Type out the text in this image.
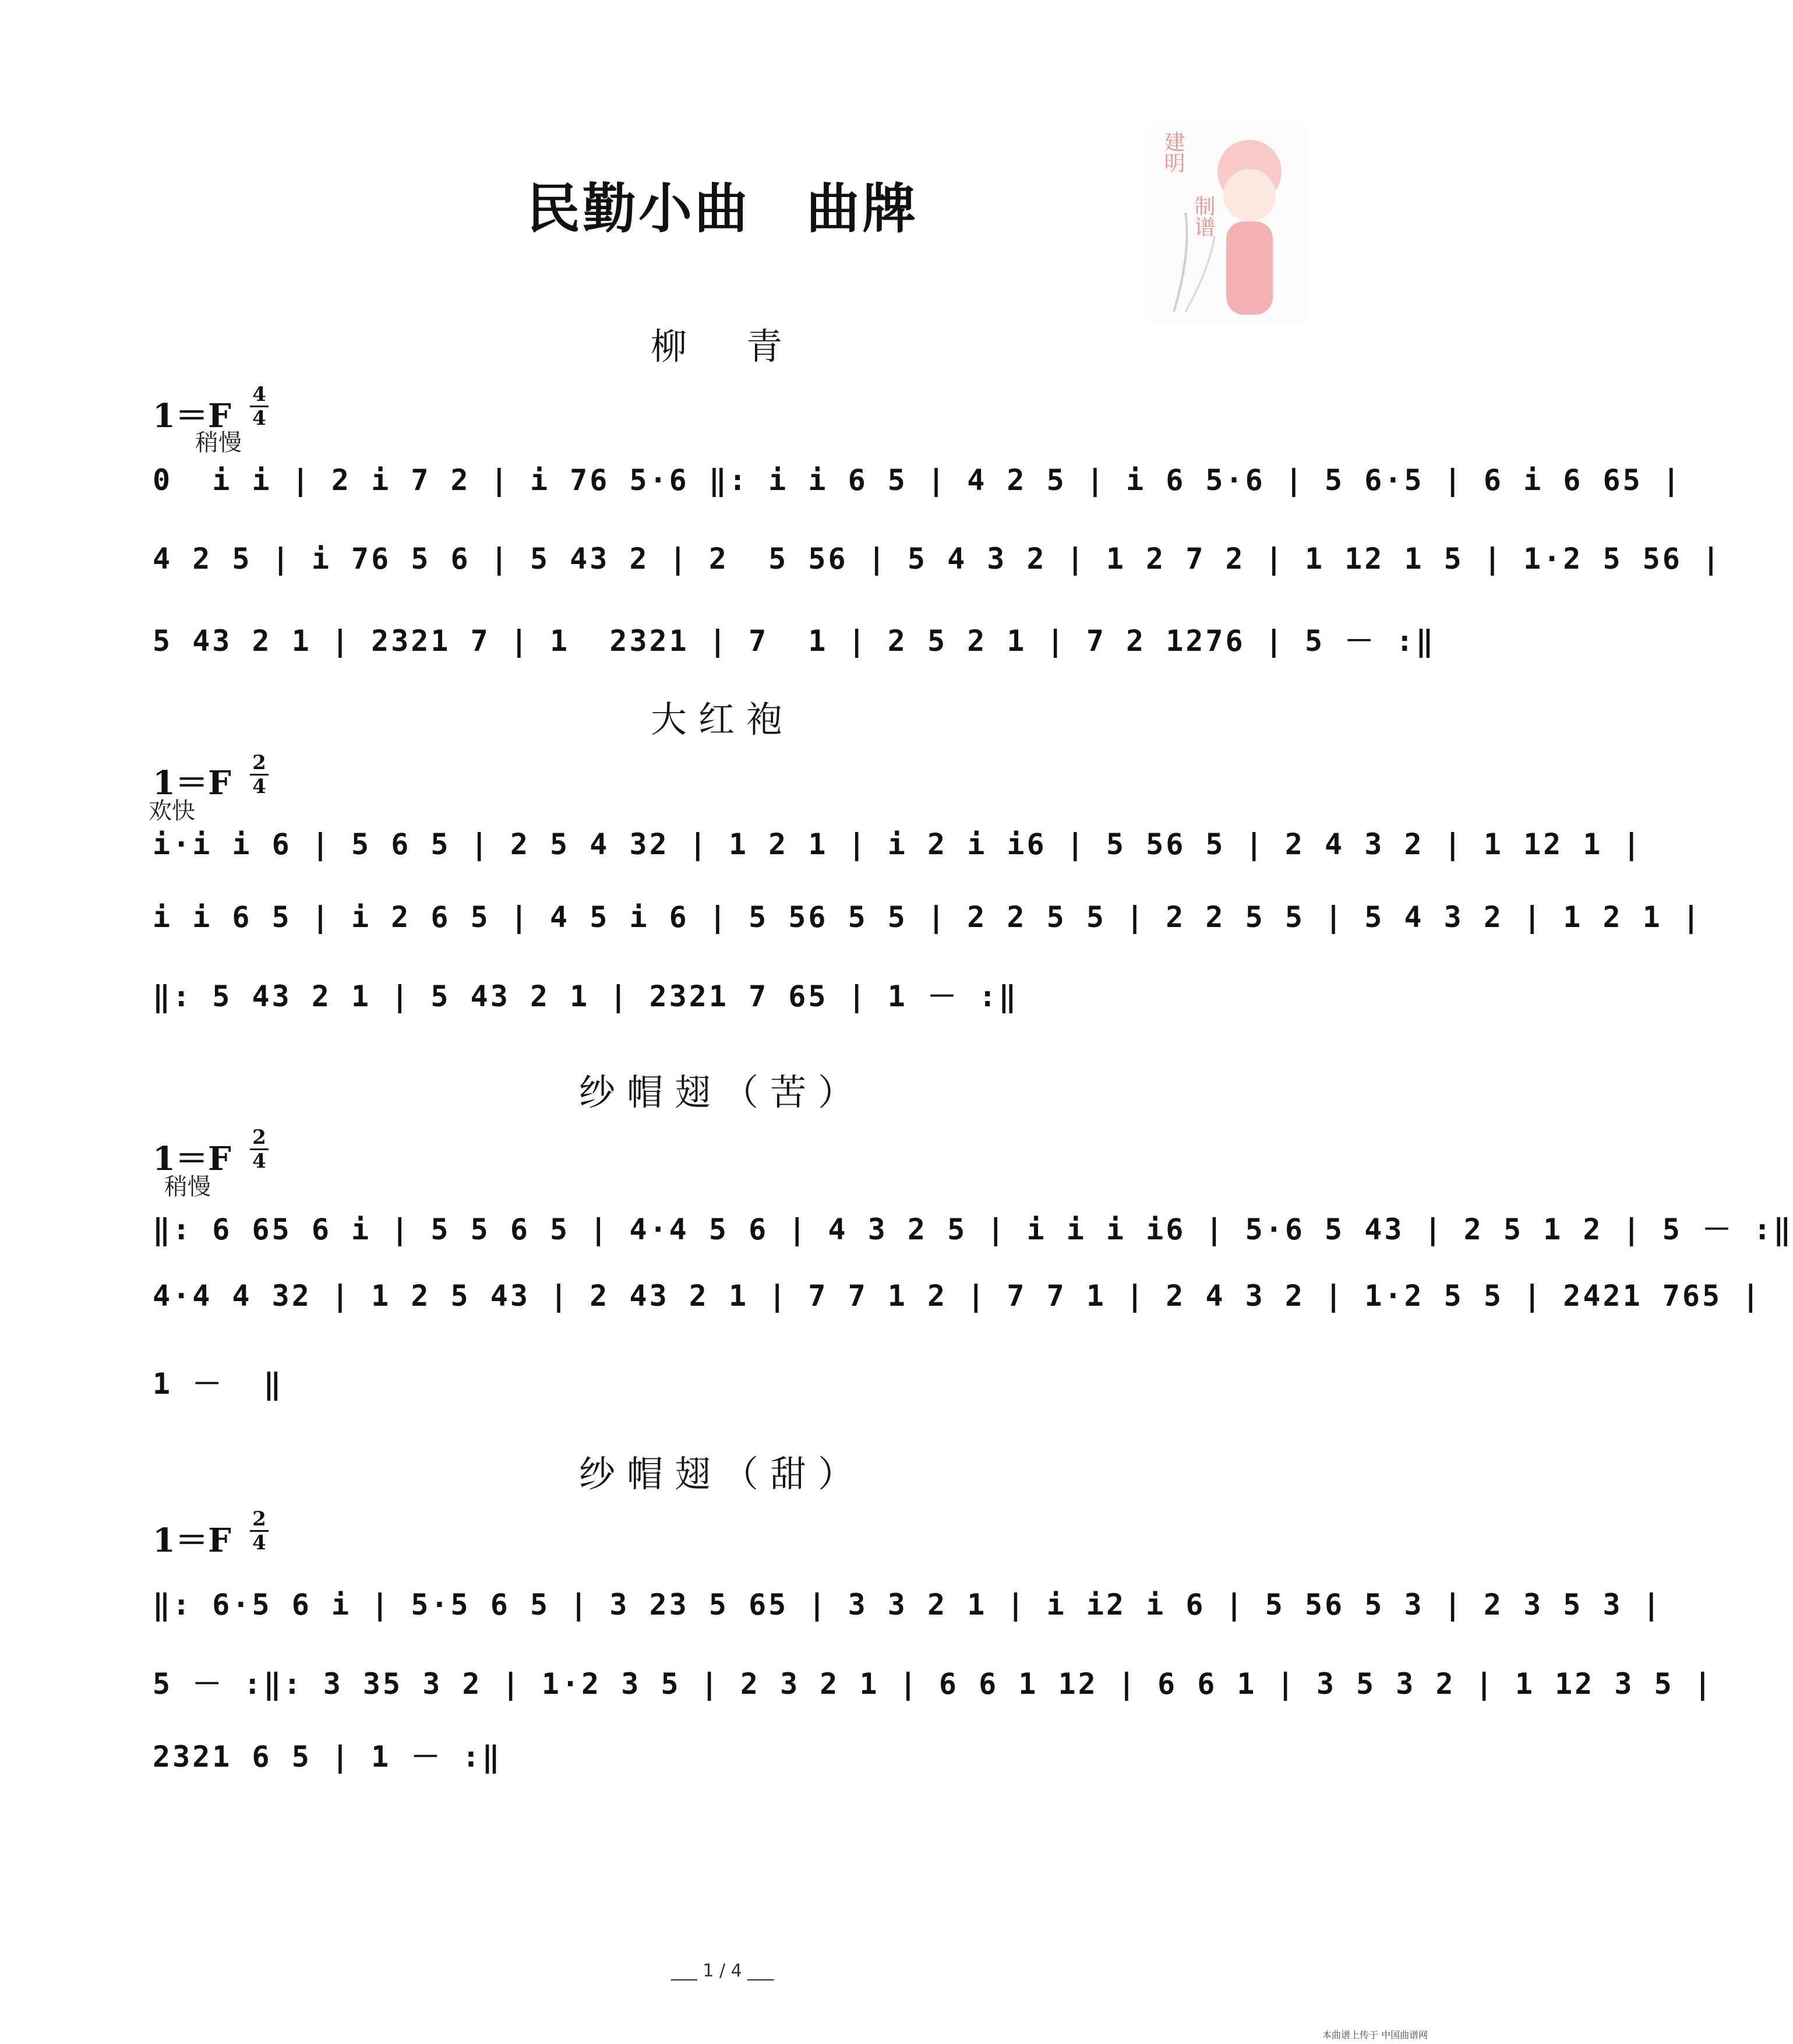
民勤小曲　曲牌
建明
制谱
柳　青
1＝F
4
4
稍慢
0  i i | 2 i 7 2 | i 76 5·6 ‖: i i 6 5 | 4 2 5 | i 6 5·6 | 5 6·5 | 6 i 6 65 |
4 2 5 | i 76 5 6 | 5 43 2 | 2  5 56 | 5 4 3 2 | 1 2 7 2 | 1 12 1 5 | 1·2 5 56 |
5 43 2 1 | 2321 7 | 1  2321 | 7  1 | 2 5 2 1 | 7 2 1276 | 5 － :‖
大红袍
1＝F
2
4
欢快
i·i i 6 | 5 6 5 | 2 5 4 32 | 1 2 1 | i 2 i i6 | 5 56 5 | 2 4 3 2 | 1 12 1 |
i i 6 5 | i 2 6 5 | 4 5 i 6 | 5 56 5 5 | 2 2 5 5 | 2 2 5 5 | 5 4 3 2 | 1 2 1 |
‖: 5 43 2 1 | 5 43 2 1 | 2321 7 65 | 1 － :‖
纱帽翅（苦）
1＝F
2
4
稍慢
‖: 6 65 6 i | 5 5 6 5 | 4·4 5 6 | 4 3 2 5 | i i i i6 | 5·6 5 43 | 2 5 1 2 | 5 － :‖
4·4 4 32 | 1 2 5 43 | 2 43 2 1 | 7 7 1 2 | 7 7 1 | 2 4 3 2 | 1·2 5 5 | 2421 765 |
1 －  ‖
纱帽翅（甜）
1＝F
2
4
‖: 6·5 6 i | 5·5 6 5 | 3 23 5 65 | 3 3 2 1 | i i2 i 6 | 5 56 5 3 | 2 3 5 3 |
5 － :‖: 3 35 3 2 | 1·2 3 5 | 2 3 2 1 | 6 6 1 12 | 6 6 1 | 3 5 3 2 | 1 12 3 5 |
2321 6 5 | 1 － :‖
___ 1 / 4 ___
本曲谱上传于 中国曲谱网
